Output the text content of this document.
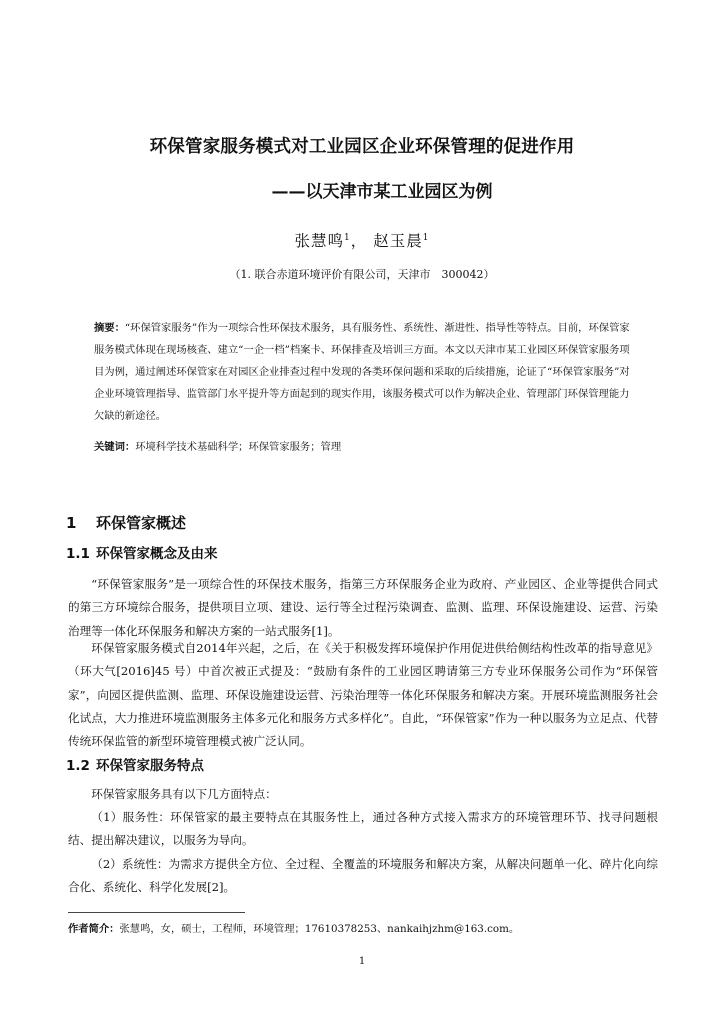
环保管家服务模式对工业园区企业环保管理的促进作用
——以天津市某工业园区为例
张慧鸣$^1$， 赵玉晨$^1$
（1. 联合赤道环境评价有限公司，天津市　300042）
摘要：“环保管家服务”作为一项综合性环保技术服务，具有服务性、系统性、渐进性、指导性等特点。目前，环保管家服务模式体现在现场核查、建立“一企一档”档案卡、环保排查及培训三方面。本文以天津市某工业园区环保管家服务项目为例，通过阐述环保管家在对园区企业排查过程中发现的各类环保问题和采取的后续措施，论证了“环保管家服务”对企业环境管理指导、监管部门水平提升等方面起到的现实作用，该服务模式可以作为解决企业、管理部门环保管理能力欠缺的新途径。
关键词：环境科学技术基础科学；环保管家服务；管理
1 环保管家概述
1.1 环保管家概念及由来
“环保管家服务”是一项综合性的环保技术服务，指第三方环保服务企业为政府、产业园区、企业等提供合同式的第三方环境综合服务，提供项目立项、建设、运行等全过程污染调查、监测、监理、环保设施建设、运营、污染治理等一体化环保服务和解决方案的一站式服务[1]。
环保管家服务模式自2014年兴起，之后，在《关于积极发挥环境保护作用促进供给侧结构性改革的指导意见》（环大气[2016]45 号）中首次被正式提及：“鼓励有条件的工业园区聘请第三方专业环保服务公司作为“环保管家”，向园区提供监测、监理、环保设施建设运营、污染治理等一体化环保服务和解决方案。开展环境监测服务社会化试点，大力推进环境监测服务主体多元化和服务方式多样化”。自此，“环保管家”作为一种以服务为立足点、代替传统环保监管的新型环境管理模式被广泛认同。
1.2 环保管家服务特点
环保管家服务具有以下几方面特点：
（1）服务性：环保管家的最主要特点在其服务性上，通过各种方式接入需求方的环境管理环节、找寻问题根结、提出解决建议，以服务为导向。
（2）系统性：为需求方提供全方位、全过程、全覆盖的环境服务和解决方案，从解决问题单一化、碎片化向综合化、系统化、科学化发展[2]。
作者简介：张慧鸣，女，硕士，工程师，环境管理；17610378253、nankaihjzhm@163.com。
1
